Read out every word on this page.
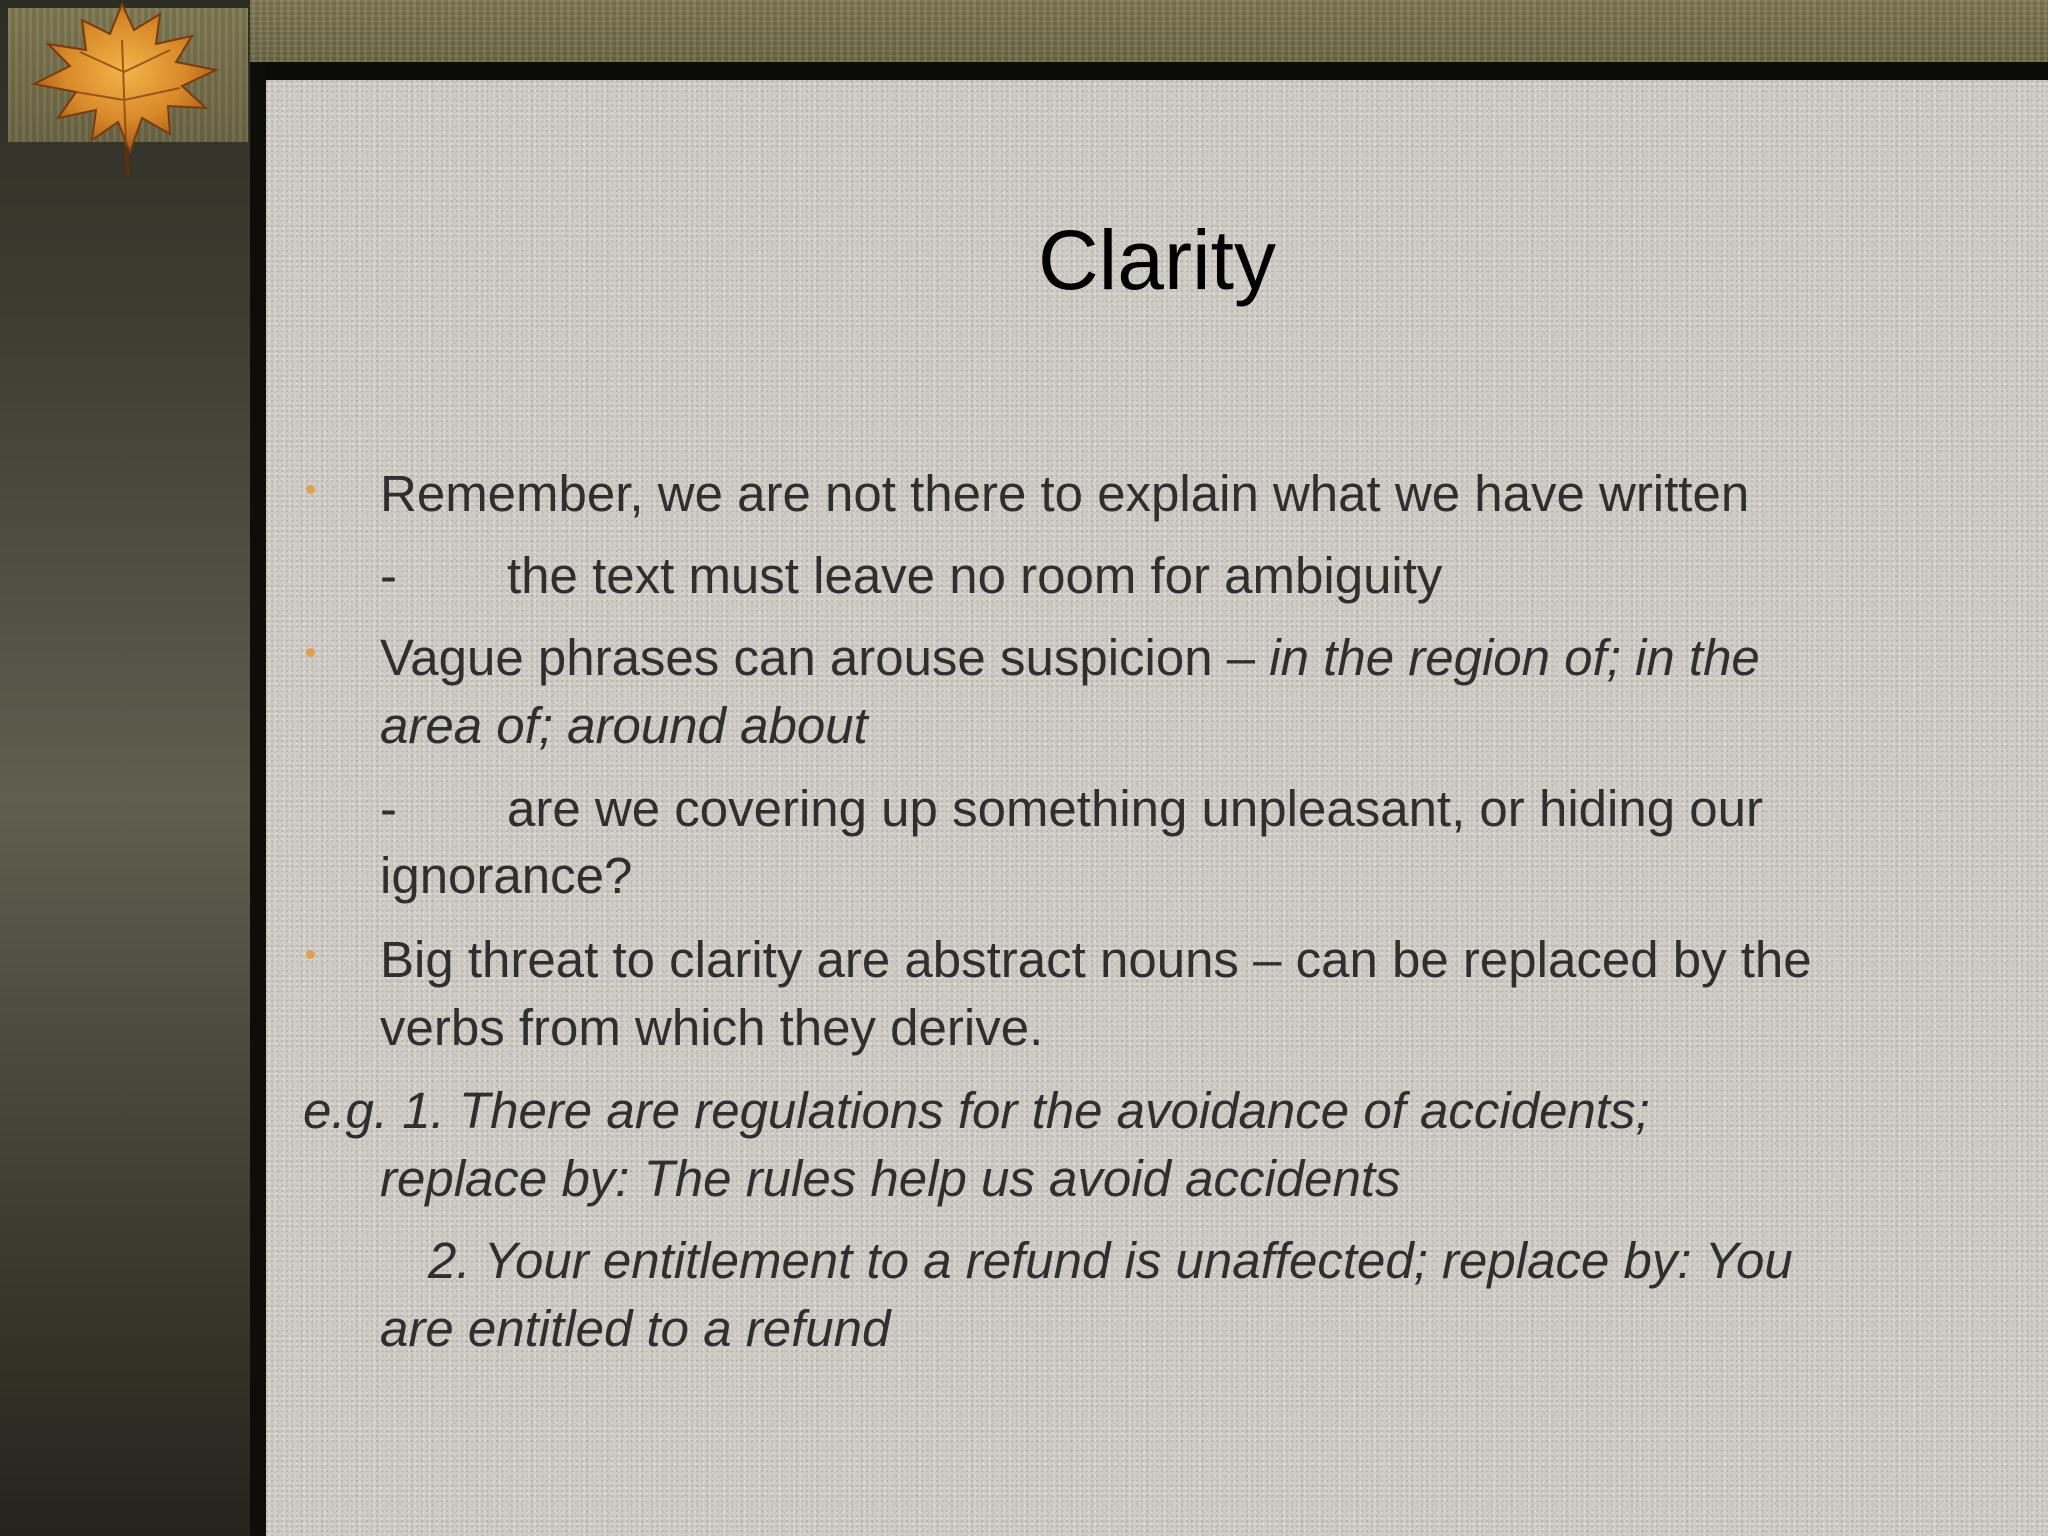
Clarity
Remember, we are not there to explain what we have written
- the text must leave no room for ambiguity
Vague phrases can arouse suspicion – in the region of; in the
area of; around about
- are we covering up something unpleasant, or hiding our
ignorance?
Big threat to clarity are abstract nouns – can be replaced by the
verbs from which they derive.
e.g. 1. There are regulations for the avoidance of accidents;
replace by: The rules help us avoid accidents
2. Your entitlement to a refund is unaffected; replace by: You
are entitled to a refund
